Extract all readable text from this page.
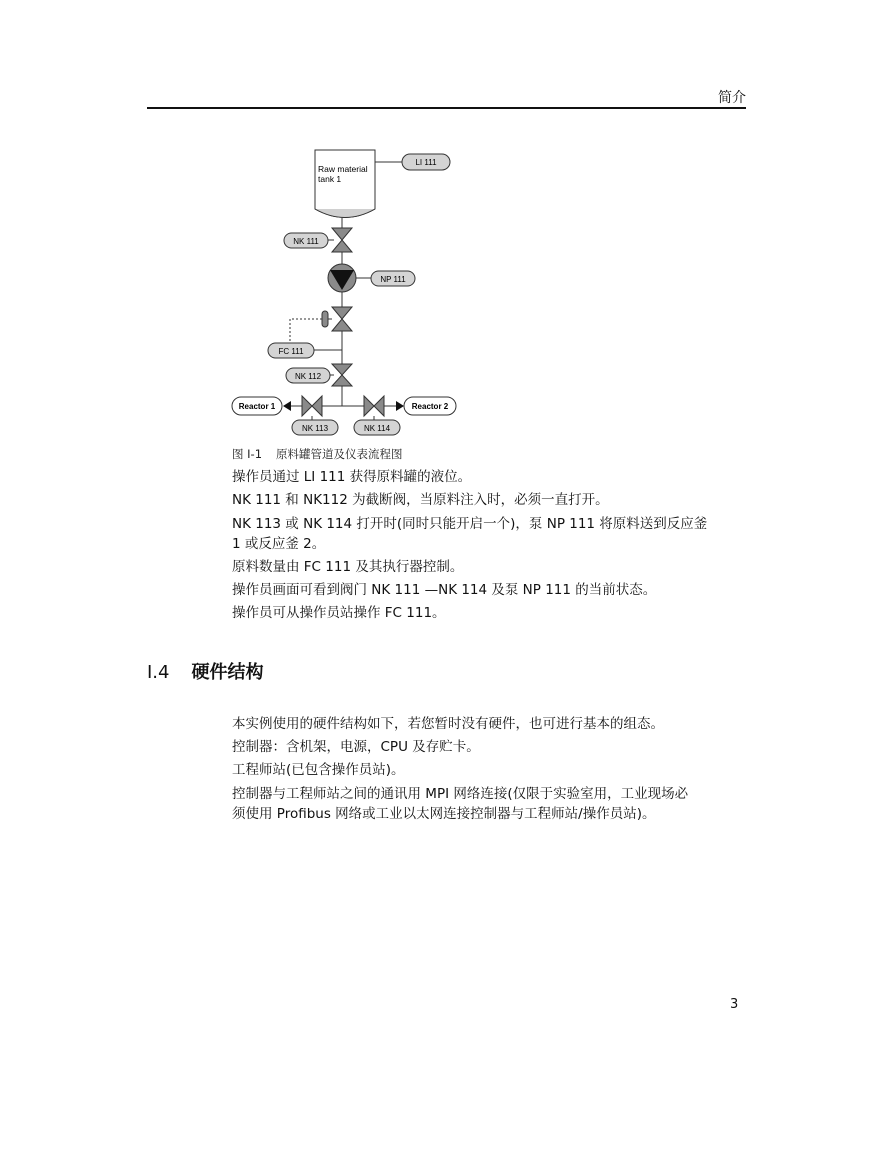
简介
Raw material
tank 1
LI 111
NK 111
NP 111
FC 111
NK 112
Reactor 1
NK 113
Reactor 2
NK 114
图 I-1 原料罐管道及仪表流程图
操作员通过 LI 111 获得原料罐的液位。
NK 111 和 NK112 为截断阀，当原料注入时，必须一直打开。
NK 113 或 NK 114 打开时(同时只能开启一个)，泵 NP 111 将原料送到反应釜
1 或反应釜 2。
原料数量由 FC 111 及其执行器控制。
操作员画面可看到阀门 NK 111 —NK 114 及泵 NP 111 的当前状态。
操作员可从操作员站操作 FC 111。
I.4 硬件结构
本实例使用的硬件结构如下，若您暂时没有硬件，也可进行基本的组态。
控制器：含机架，电源，CPU 及存贮卡。
工程师站(已包含操作员站)。
控制器与工程师站之间的通讯用 MPI 网络连接(仅限于实验室用，工业现场必
须使用 Profibus 网络或工业以太网连接控制器与工程师站/操作员站)。
3
